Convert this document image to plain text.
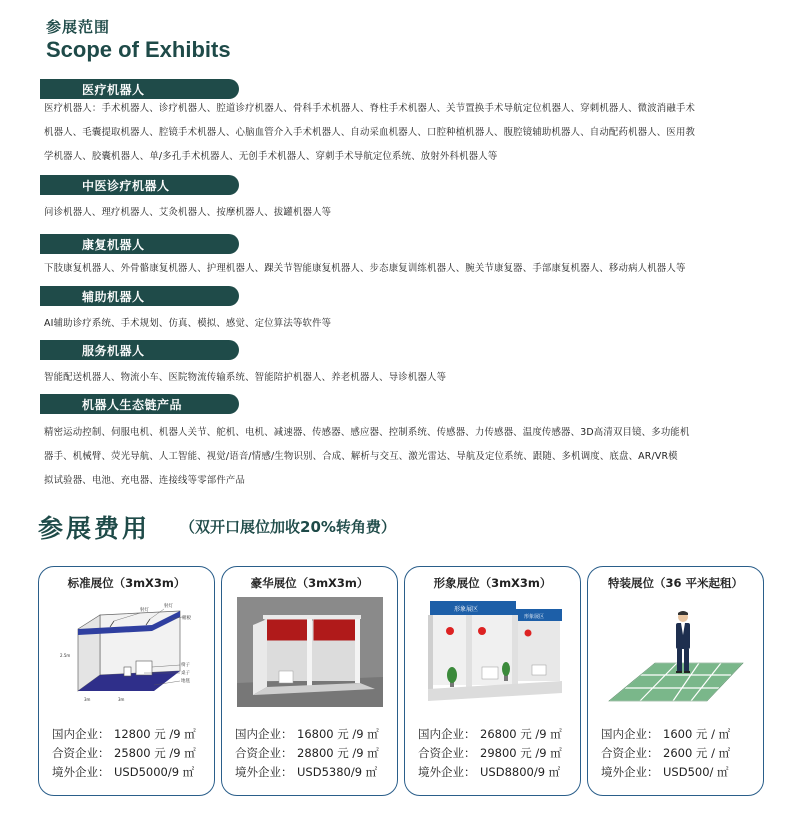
参展范围
Scope of Exhibits
医疗机器人
医疗机器人：手术机器人、诊疗机器人、腔道诊疗机器人、骨科手术机器人、脊柱手术机器人、关节置换手术导航定位机器人、穿刺机器人、微波消融手术
机器人、毛囊提取机器人、腔镜手术机器人、心脑血管介入手术机器人、自动采血机器人、口腔种植机器人、腹腔镜辅助机器人、自动配药机器人、医用教
学机器人、胶囊机器人、单/多孔手术机器人、无创手术机器人、穿刺手术导航定位系统、放射外科机器人等
中医诊疗机器人
问诊机器人、理疗机器人、艾灸机器人、按摩机器人、拔罐机器人等
康复机器人
下肢康复机器人、外骨骼康复机器人、护理机器人、踝关节智能康复机器人、步态康复训练机器人、腕关节康复器、手部康复机器人、移动病人机器人等
辅助机器人
AI辅助诊疗系统、手术规划、仿真、模拟、感觉、定位算法等软件等
服务机器人
智能配送机器人、物流小车、医院物流传输系统、智能陪护机器人、养老机器人、导诊机器人等
机器人生态链产品
精密运动控制、伺服电机、机器人关节、舵机、电机、减速器、传感器、感应器、控制系统、传感器、力传感器、温度传感器、3D高清双目镜、多功能机
器手、机械臂、荧光导航、人工智能、视觉/语音/情感/生物识别、合成、解析与交互、激光雷达、导航及定位系统、跟随、多机调度、底盘、AR/VR模
拟试验器、电池、充电器、连接线等零部件产品
参展费用 （双开口展位加收20%转角费）
标准展位（3mX3m）
射灯
射灯
楣板
椅子
桌子
地毯
2.5m
3m	3m
国内企业： 12800 元 /9 ㎡
合资企业： 25800 元 /9 ㎡
境外企业： USD5000/9 ㎡
豪华展位（3mX3m）
国内企业： 16800 元 /9 ㎡
合资企业： 28800 元 /9 ㎡
境外企业： USD5380/9 ㎡
形象展位（3mX3m）
形象展区
形象展区
国内企业： 26800 元 /9 ㎡
合资企业： 29800 元 /9 ㎡
境外企业： USD8800/9 ㎡
特装展位（36 平米起租）
国内企业： 1600 元 / ㎡
合资企业： 2600 元 / ㎡
境外企业： USD500/ ㎡
